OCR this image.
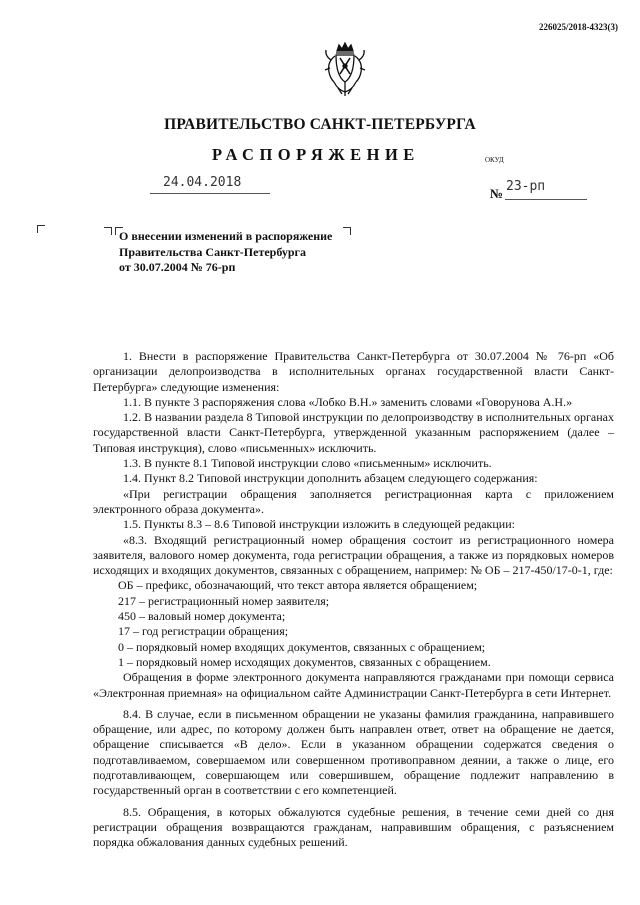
226025/2018-4323(3)
ПРАВИТЕЛЬСТВО САНКТ-ПЕТЕРБУРГА
РАСПОРЯЖЕНИЕ	ОКУД
24.04.2018
№ 23-рп
О внесении изменений в распоряжение
Правительства Санкт-Петербурга
от 30.07.2004 № 76-рп

1. Внести в распоряжение Правительства Санкт-Петербурга от 30.07.2004 № 76-рп «Об организации делопроизводства в исполнительных органах государственной власти Санкт-Петербурга» следующие изменения:

1.1. В пункте 3 распоряжения слова «Лобко В.Н.» заменить словами «Говорунова А.Н.»

1.2. В названии раздела 8 Типовой инструкции по делопроизводству в исполнительных органах государственной власти Санкт-Петербурга, утвержденной указанным распоряжением (далее – Типовая инструкция), слово «письменных» исключить.

1.3. В пункте 8.1 Типовой инструкции слово «письменным» исключить.

1.4. Пункт 8.2 Типовой инструкции дополнить абзацем следующего содержания:

«При регистрации обращения заполняется регистрационная карта с приложением электронного образа документа».

1.5. Пункты 8.3 – 8.6 Типовой инструкции изложить в следующей редакции:

«8.3. Входящий регистрационный номер обращения состоит из регистрационного номера заявителя, валового номер документа, года регистрации обращения, а также из порядковых номеров исходящих и входящих документов, связанных с обращением, например: № ОБ – 217-450/17-0-1, где:

ОБ – префикс, обозначающий, что текст автора является обращением;

217 – регистрационный номер заявителя;

450 – валовый номер документа;

17 – год регистрации обращения;

0 – порядковый номер входящих документов, связанных с обращением;

1 – порядковый номер исходящих документов, связанных с обращением.

Обращения в форме электронного документа направляются гражданами при помощи сервиса «Электронная приемная» на официальном сайте Администрации Санкт-Петербурга в сети Интернет.

8.4. В случае, если в письменном обращении не указаны фамилия гражданина, направившего обращение, или адрес, по которому должен быть направлен ответ, ответ на обращение не дается, обращение списывается «В дело». Если в указанном обращении содержатся сведения о подготавливаемом, совершаемом или совершенном противоправном деянии, а также о лице, его подготавливающем, совершающем или совершившем, обращение подлежит направлению в государственный орган в соответствии с его компетенцией.

8.5. Обращения, в которых обжалуются судебные решения, в течение семи дней со дня регистрации обращения возвращаются гражданам, направившим обращения, с разъяснением порядка обжалования данных судебных решений.
